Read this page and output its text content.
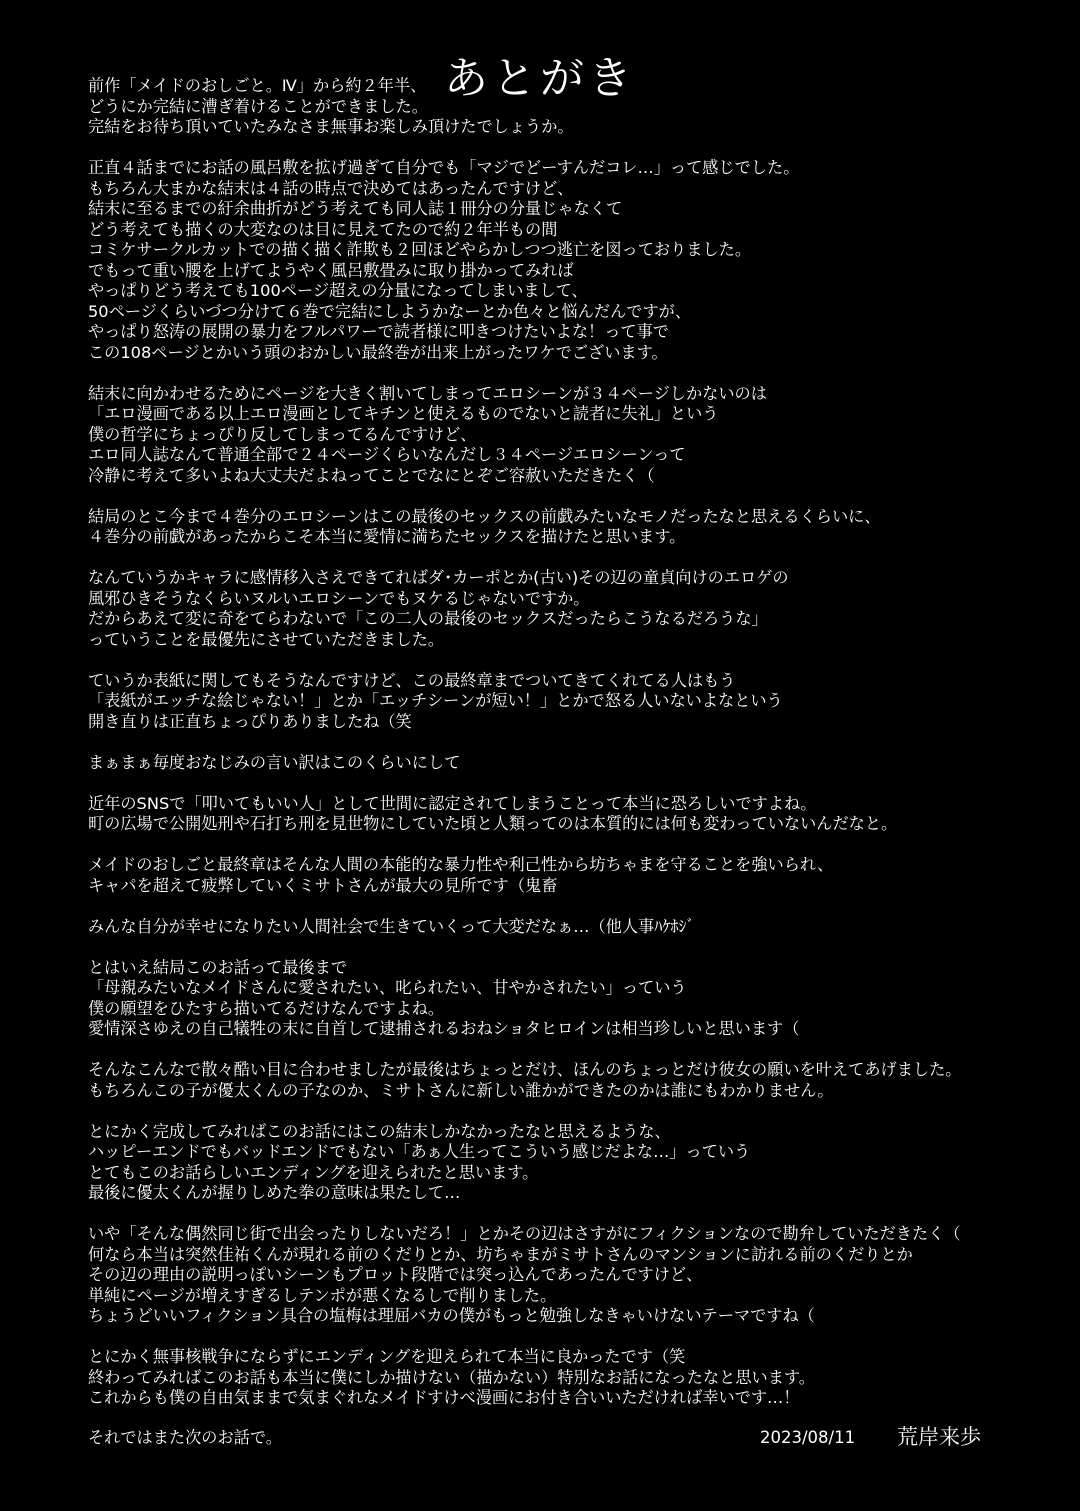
あとがき
前作「メイドのおしごと。Ⅳ」から約２年半、
どうにか完結に漕ぎ着けることができました。
完結をお待ち頂いていたみなさま無事お楽しみ頂けたでしょうか。
正直４話までにお話の風呂敷を拡げ過ぎて自分でも「マジでどーすんだコレ…」って感じでした。
もちろん大まかな結末は４話の時点で決めてはあったんですけど、
結末に至るまでの紆余曲折がどう考えても同人誌１冊分の分量じゃなくて
どう考えても描くの大変なのは目に見えてたので約２年半もの間
コミケサークルカットでの描く描く詐欺も２回ほどやらかしつつ逃亡を図っておりました。
でもって重い腰を上げてようやく風呂敷畳みに取り掛かってみれば
やっぱりどう考えても100ページ超えの分量になってしまいまして、
50ページくらいづつ分けて６巻で完結にしようかなーとか色々と悩んだんですが、
やっぱり怒涛の展開の暴力をフルパワーで読者様に叩きつけたいよな！って事で
この108ページとかいう頭のおかしい最終巻が出来上がったワケでございます。
結末に向かわせるためにページを大きく割いてしまってエロシーンが３４ページしかないのは
「エロ漫画である以上エロ漫画としてキチンと使えるものでないと読者に失礼」という
僕の哲学にちょっぴり反してしまってるんですけど、
エロ同人誌なんて普通全部で２４ページくらいなんだし３４ページエロシーンって
冷静に考えて多いよね大丈夫だよねってことでなにとぞご容赦いただきたく（
結局のとこ今まで４巻分のエロシーンはこの最後のセックスの前戯みたいなモノだったなと思えるくらいに、
４巻分の前戯があったからこそ本当に愛情に満ちたセックスを描けたと思います。
なんていうかキャラに感情移入さえできてればダ･カーポとか(古い)その辺の童貞向けのエロゲの
風邪ひきそうなくらいヌルいエロシーンでもヌケるじゃないですか。
だからあえて変に奇をてらわないで「この二人の最後のセックスだったらこうなるだろうな」
っていうことを最優先にさせていただきました。
ていうか表紙に関してもそうなんですけど、この最終章までついてきてくれてる人はもう
「表紙がエッチな絵じゃない！」とか「エッチシーンが短い！」とかで怒る人いないよなという
開き直りは正直ちょっぴりありましたね（笑
まぁまぁ毎度おなじみの言い訳はこのくらいにして
近年のSNSで「叩いてもいい人」として世間に認定されてしまうことって本当に恐ろしいですよね。
町の広場で公開処刑や石打ち刑を見世物にしていた頃と人類ってのは本質的には何も変わっていないんだなと。
メイドのおしごと最終章はそんな人間の本能的な暴力性や利己性から坊ちゃまを守ることを強いられ、
キャパを超えて疲弊していくミサトさんが最大の見所です（鬼畜
みんな自分が幸せになりたい人間社会で生きていくって大変だなぁ…（他人事ﾊｹﾎｼﾞ
とはいえ結局このお話って最後まで
「母親みたいなメイドさんに愛されたい、叱られたい、甘やかされたい」っていう
僕の願望をひたすら描いてるだけなんですよね。
愛情深さゆえの自己犠牲の末に自首して逮捕されるおねショタヒロインは相当珍しいと思います（
そんなこんなで散々酷い目に合わせましたが最後はちょっとだけ、ほんのちょっとだけ彼女の願いを叶えてあげました。
もちろんこの子が優太くんの子なのか、ミサトさんに新しい誰かができたのかは誰にもわかりません。
とにかく完成してみればこのお話にはこの結末しかなかったなと思えるような、
ハッピーエンドでもバッドエンドでもない「あぁ人生ってこういう感じだよな…」っていう
とてもこのお話らしいエンディングを迎えられたと思います。
最後に優太くんが握りしめた拳の意味は果たして…
いや「そんな偶然同じ街で出会ったりしないだろ！」とかその辺はさすがにフィクションなので勘弁していただきたく（
何なら本当は突然佳祐くんが現れる前のくだりとか、坊ちゃまがミサトさんのマンションに訪れる前のくだりとか
その辺の理由の説明っぽいシーンもプロット段階では突っ込んであったんですけど、
単純にページが増えすぎるしテンポが悪くなるしで削りました。
ちょうどいいフィクション具合の塩梅は理屈バカの僕がもっと勉強しなきゃいけないテーマですね（
とにかく無事核戦争にならずにエンディングを迎えられて本当に良かったです（笑
終わってみればこのお話も本当に僕にしか描けない（描かない）特別なお話になったなと思います。
これからも僕の自由気ままで気まぐれなメイドすけべ漫画にお付き合いいただければ幸いです…！
それではまた次のお話で。	2023/08/11 荒岸来歩
